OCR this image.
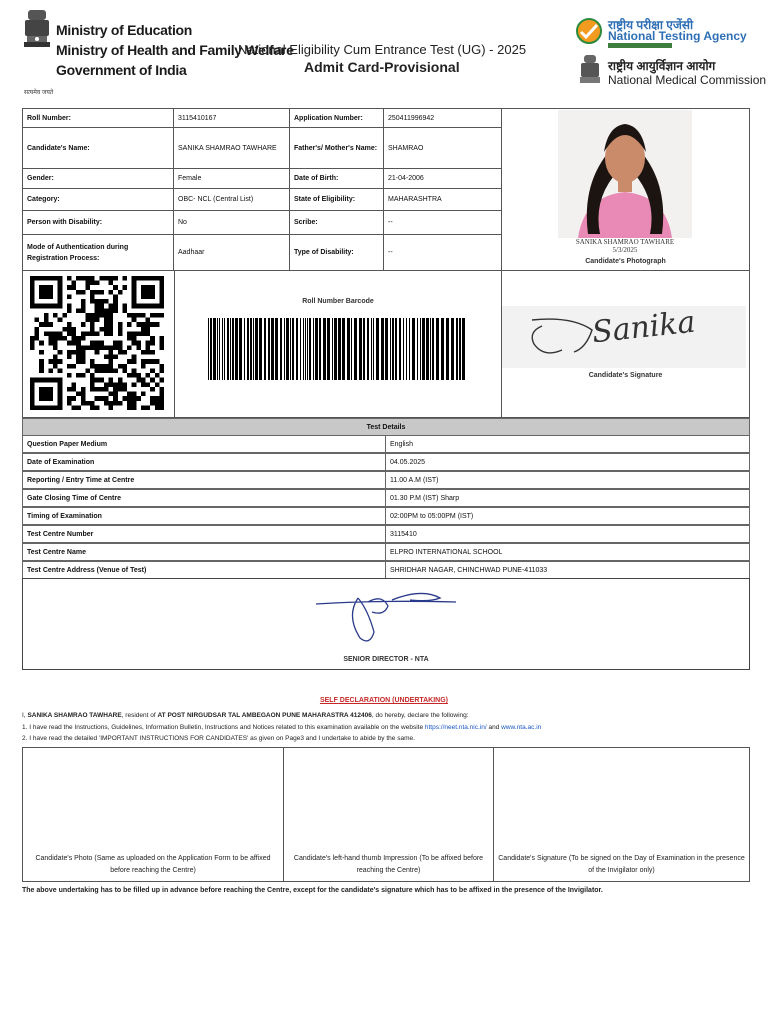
Ministry of Education
Ministry of Health and Family Welfare
Government of India
सत्यमेव जयते
National Eligibility Cum Entrance Test (UG) - 2025
Admit Card-Provisional
राष्ट्रीय परीक्षा एजेंसी
National Testing Agency
राष्ट्रीय आयुर्विज्ञान आयोग
National Medical Commission
Roll Number:	3115410167	Application Number:	250411996942
Candidate's Name:	SANIKA SHAMRAO TAWHARE	Father's/ Mother's Name:	SHAMRAO
Gender:	Female	Date of Birth:	21-04-2006
Category:	OBC- NCL (Central List)	State of Eligibility:	MAHARASHTRA
Person with Disability:	No	Scribe:	--
Mode of Authentication during Registration Process:
Aadhaar	Type of Disability:	--
SANIKA SHAMRAO TAWHARE
5/3/2025
Candidate's Photograph
Roll Number Barcode
Sanika
Candidate's Signature
Test Details
Question Paper Medium	English
Date of Examination	04.05.2025
Reporting / Entry Time at Centre	11.00 A.M (IST)
Gate Closing Time of Centre	01.30 P.M (IST) Sharp
Timing of Examination	02:00PM to 05:00PM (IST)
Test Centre Number	3115410
Test Centre Name	ELPRO INTERNATIONAL SCHOOL
Test Centre Address (Venue of Test)	SHRIDHAR NAGAR, CHINCHWAD PUNE-411033
SENIOR DIRECTOR - NTA
SELF DECLARATION (UNDERTAKING)
I, SANIKA SHAMRAO TAWHARE, resident of AT POST NIRGUDSAR TAL AMBEGAON PUNE MAHARASTRA 412406, do hereby, declare the following:
1. I have read the Instructions, Guidelines, Information Bulletin, Instructions and Notices related to this examination available on the website https://neet.nta.nic.in/ and www.nta.ac.in
2. I have read the detailed 'IMPORTANT INSTRUCTIONS FOR CANDIDATES' as given on Page3 and I undertake to abide by the same.
Candidate's Photo (Same as uploaded on the Application Form to be affixed before reaching the Centre)
Candidate's left-hand thumb Impression (To be affixed before reaching the Centre)
Candidate's Signature (To be signed on the Day of Examination in the presence of the Invigilator only)
The above undertaking has to be filled up in advance before reaching the Centre, except for the candidate's signature which has to be affixed in the presence of the Invigilator.
